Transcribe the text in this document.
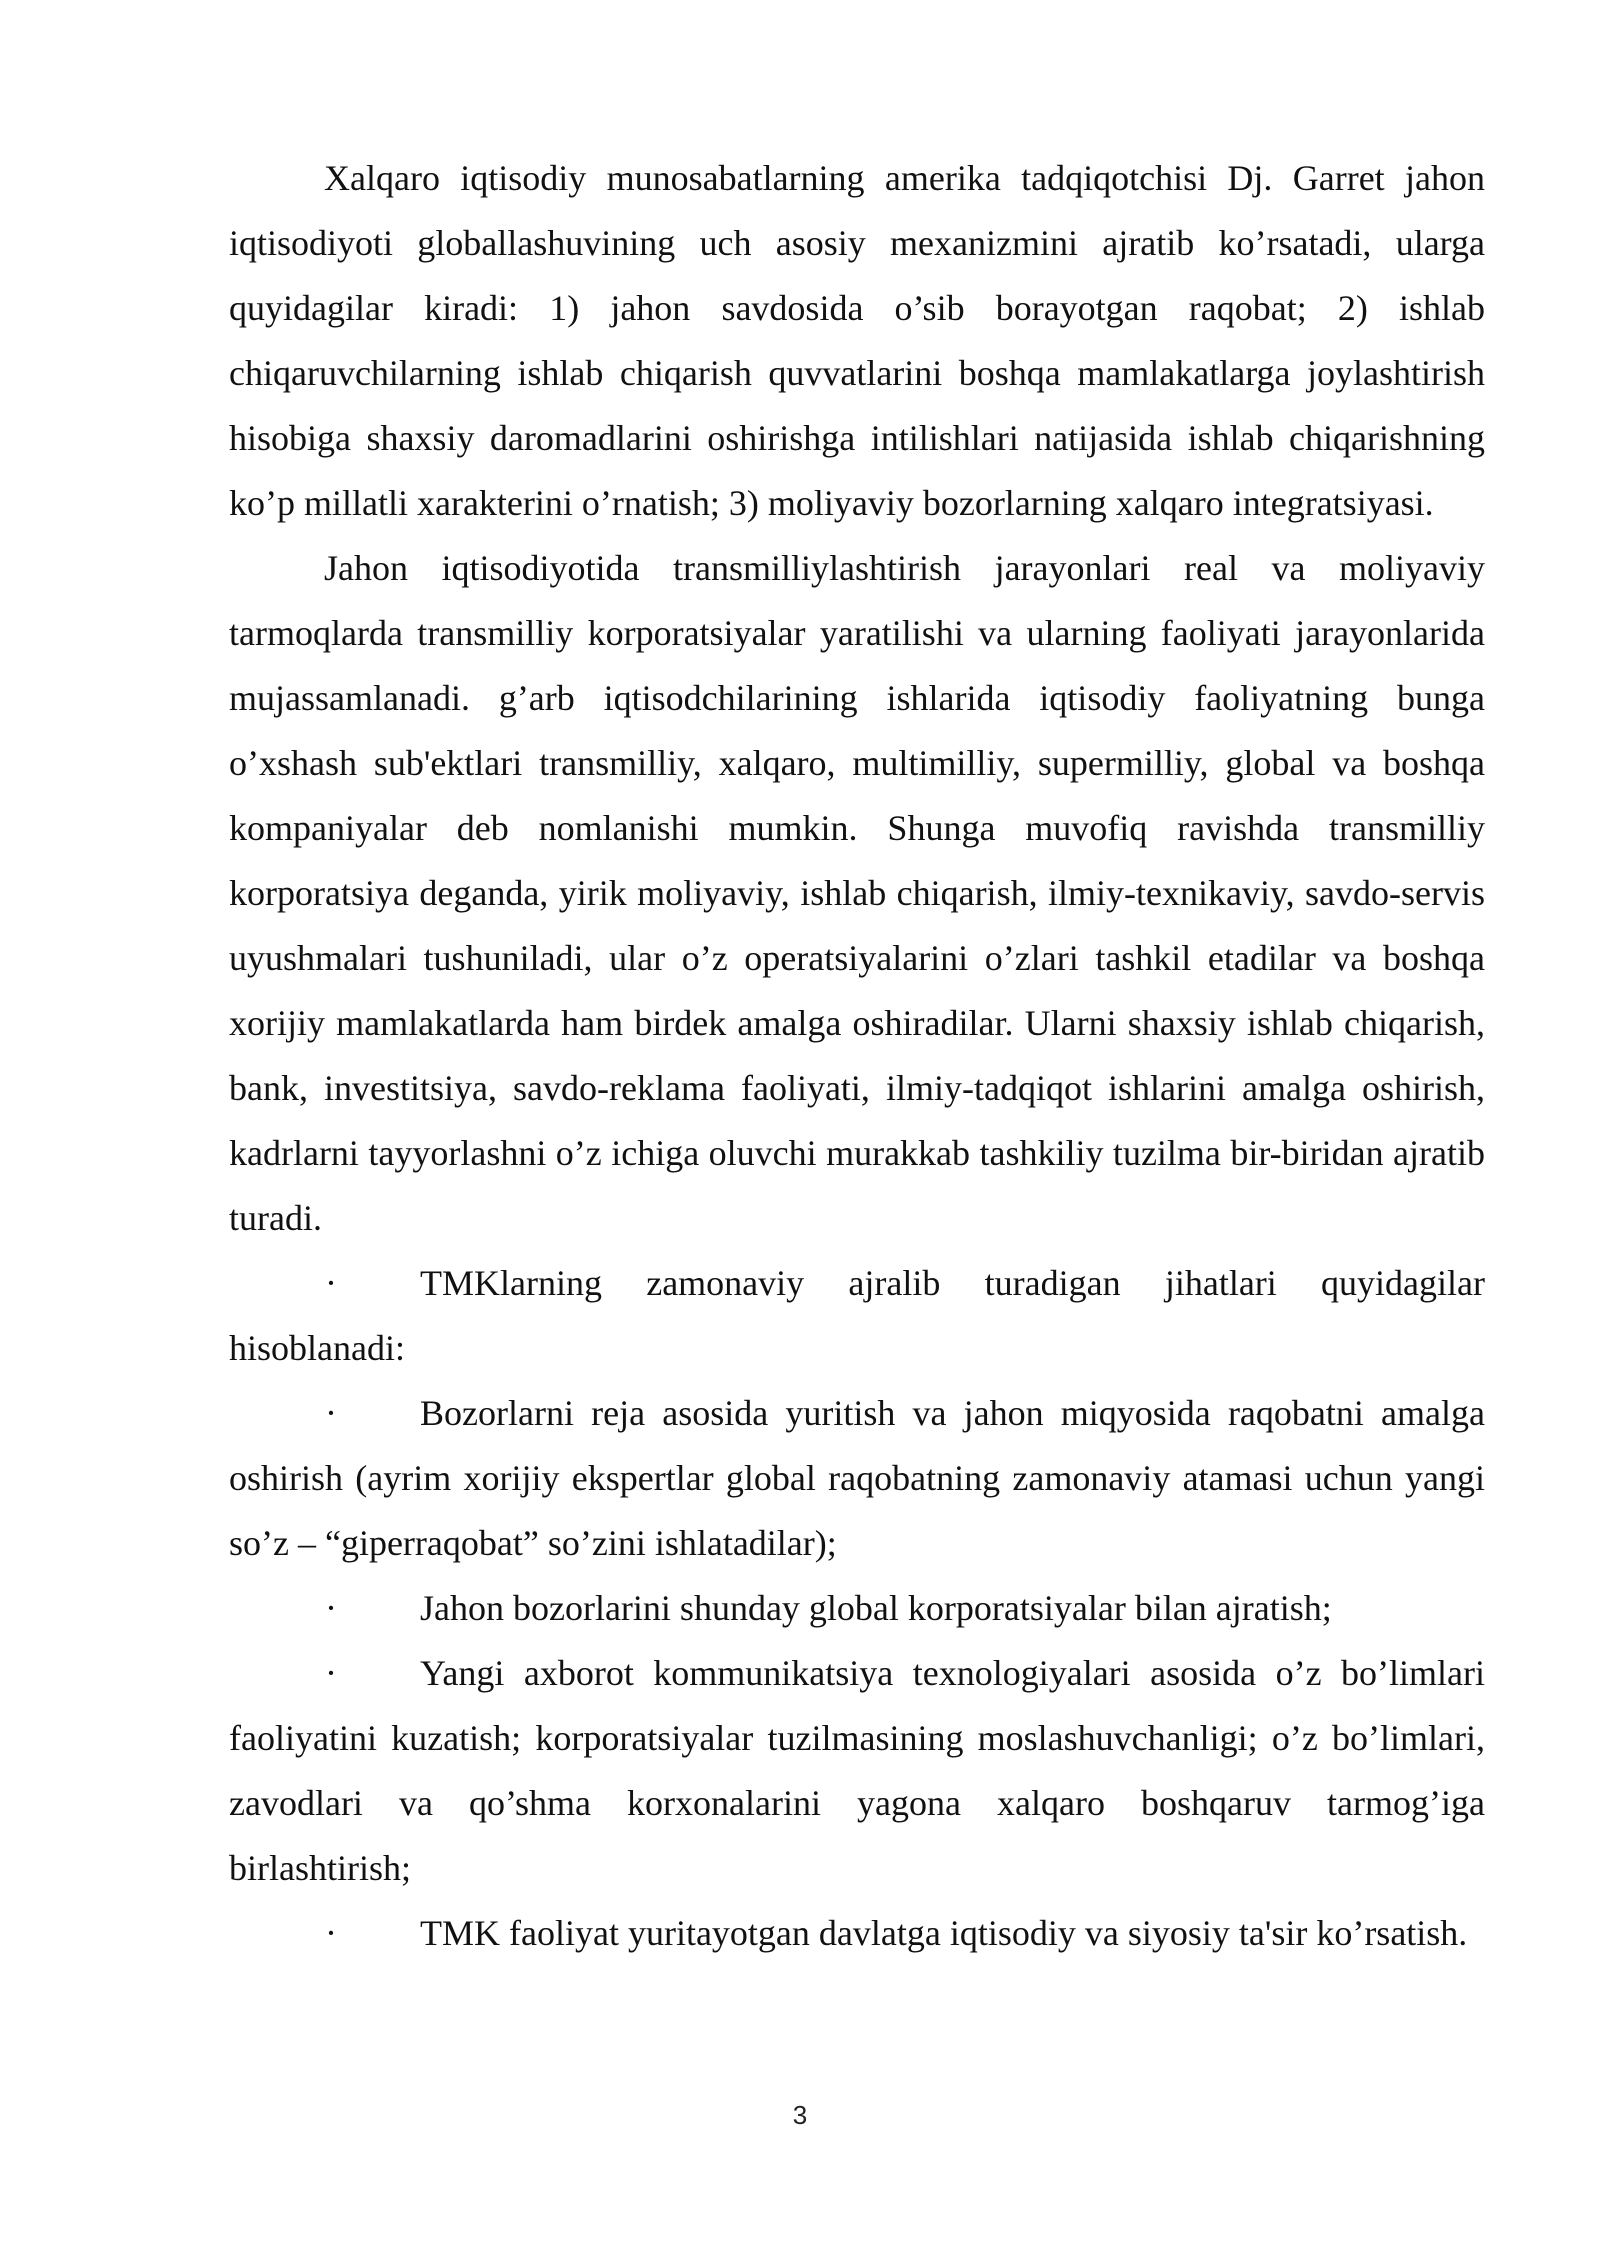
Xalqaro iqtisodiy munosabatlarning amerika tadqiqotchisi Dj. Garret jahon iqtisodiyoti globallashuvining uch asosiy mexanizmini ajratib ko’rsatadi, ularga quyidagilar kiradi: 1) jahon savdosida o’sib borayotgan raqobat; 2) ishlab chiqaruvchilarning ishlab chiqarish quvvatlarini boshqa mamlakatlarga joylashtirish hisobiga shaxsiy daromadlarini oshirishga intilishlari natijasida ishlab chiqarishning ko’p millatli xarakterini o’rnatish; 3) moliyaviy bozorlarning xalqaro integratsiyasi.

Jahon iqtisodiyotida transmilliylashtirish jarayonlari real va moliyaviy tarmoqlarda transmilliy korporatsiyalar yaratilishi va ularning faoliyati jarayonlarida mujassamlanadi. g’arb iqtisodchilarining ishlarida iqtisodiy faoliyatning bunga o’xshash sub'ektlari transmilliy, xalqaro, multimilliy, supermilliy, global va boshqa kompaniyalar deb nomlanishi mumkin. Shunga muvofiq ravishda transmilliy korporatsiya deganda, yirik moliyaviy, ishlab chiqarish, ilmiy-texnikaviy, savdo-servis uyushmalari tushuniladi, ular o’z operatsiyalarini o’zlari tashkil etadilar va boshqa xorijiy mamlakatlarda ham birdek amalga oshiradilar. Ularni shaxsiy ishlab chiqarish, bank, investitsiya, savdo-reklama faoliyati, ilmiy-tadqiqot ishlarini amalga oshirish, kadrlarni tayyorlashni o’z ichiga oluvchi murakkab tashkiliy tuzilma bir-biridan ajratib turadi.

· TMKlarning zamonaviy ajralib turadigan jihatlari quyidagilar hisoblanadi:

· Bozorlarni reja asosida yuritish va jahon miqyosida raqobatni amalga oshirish (ayrim xorijiy ekspertlar global raqobatning zamonaviy atamasi uchun yangi so’z – “giperraqobat” so’zini ishlatadilar);

· Jahon bozorlarini shunday global korporatsiyalar bilan ajratish;

· Yangi axborot kommunikatsiya texnologiyalari asosida o’z bo’limlari faoliyatini kuzatish; korporatsiyalar tuzilmasining moslashuvchanligi; o’z bo’limlari, zavodlari va qo’shma korxonalarini yagona xalqaro boshqaruv tarmog’iga birlashtirish;

· TMK faoliyat yuritayotgan davlatga iqtisodiy va siyosiy ta'sir ko’rsatish.

3
